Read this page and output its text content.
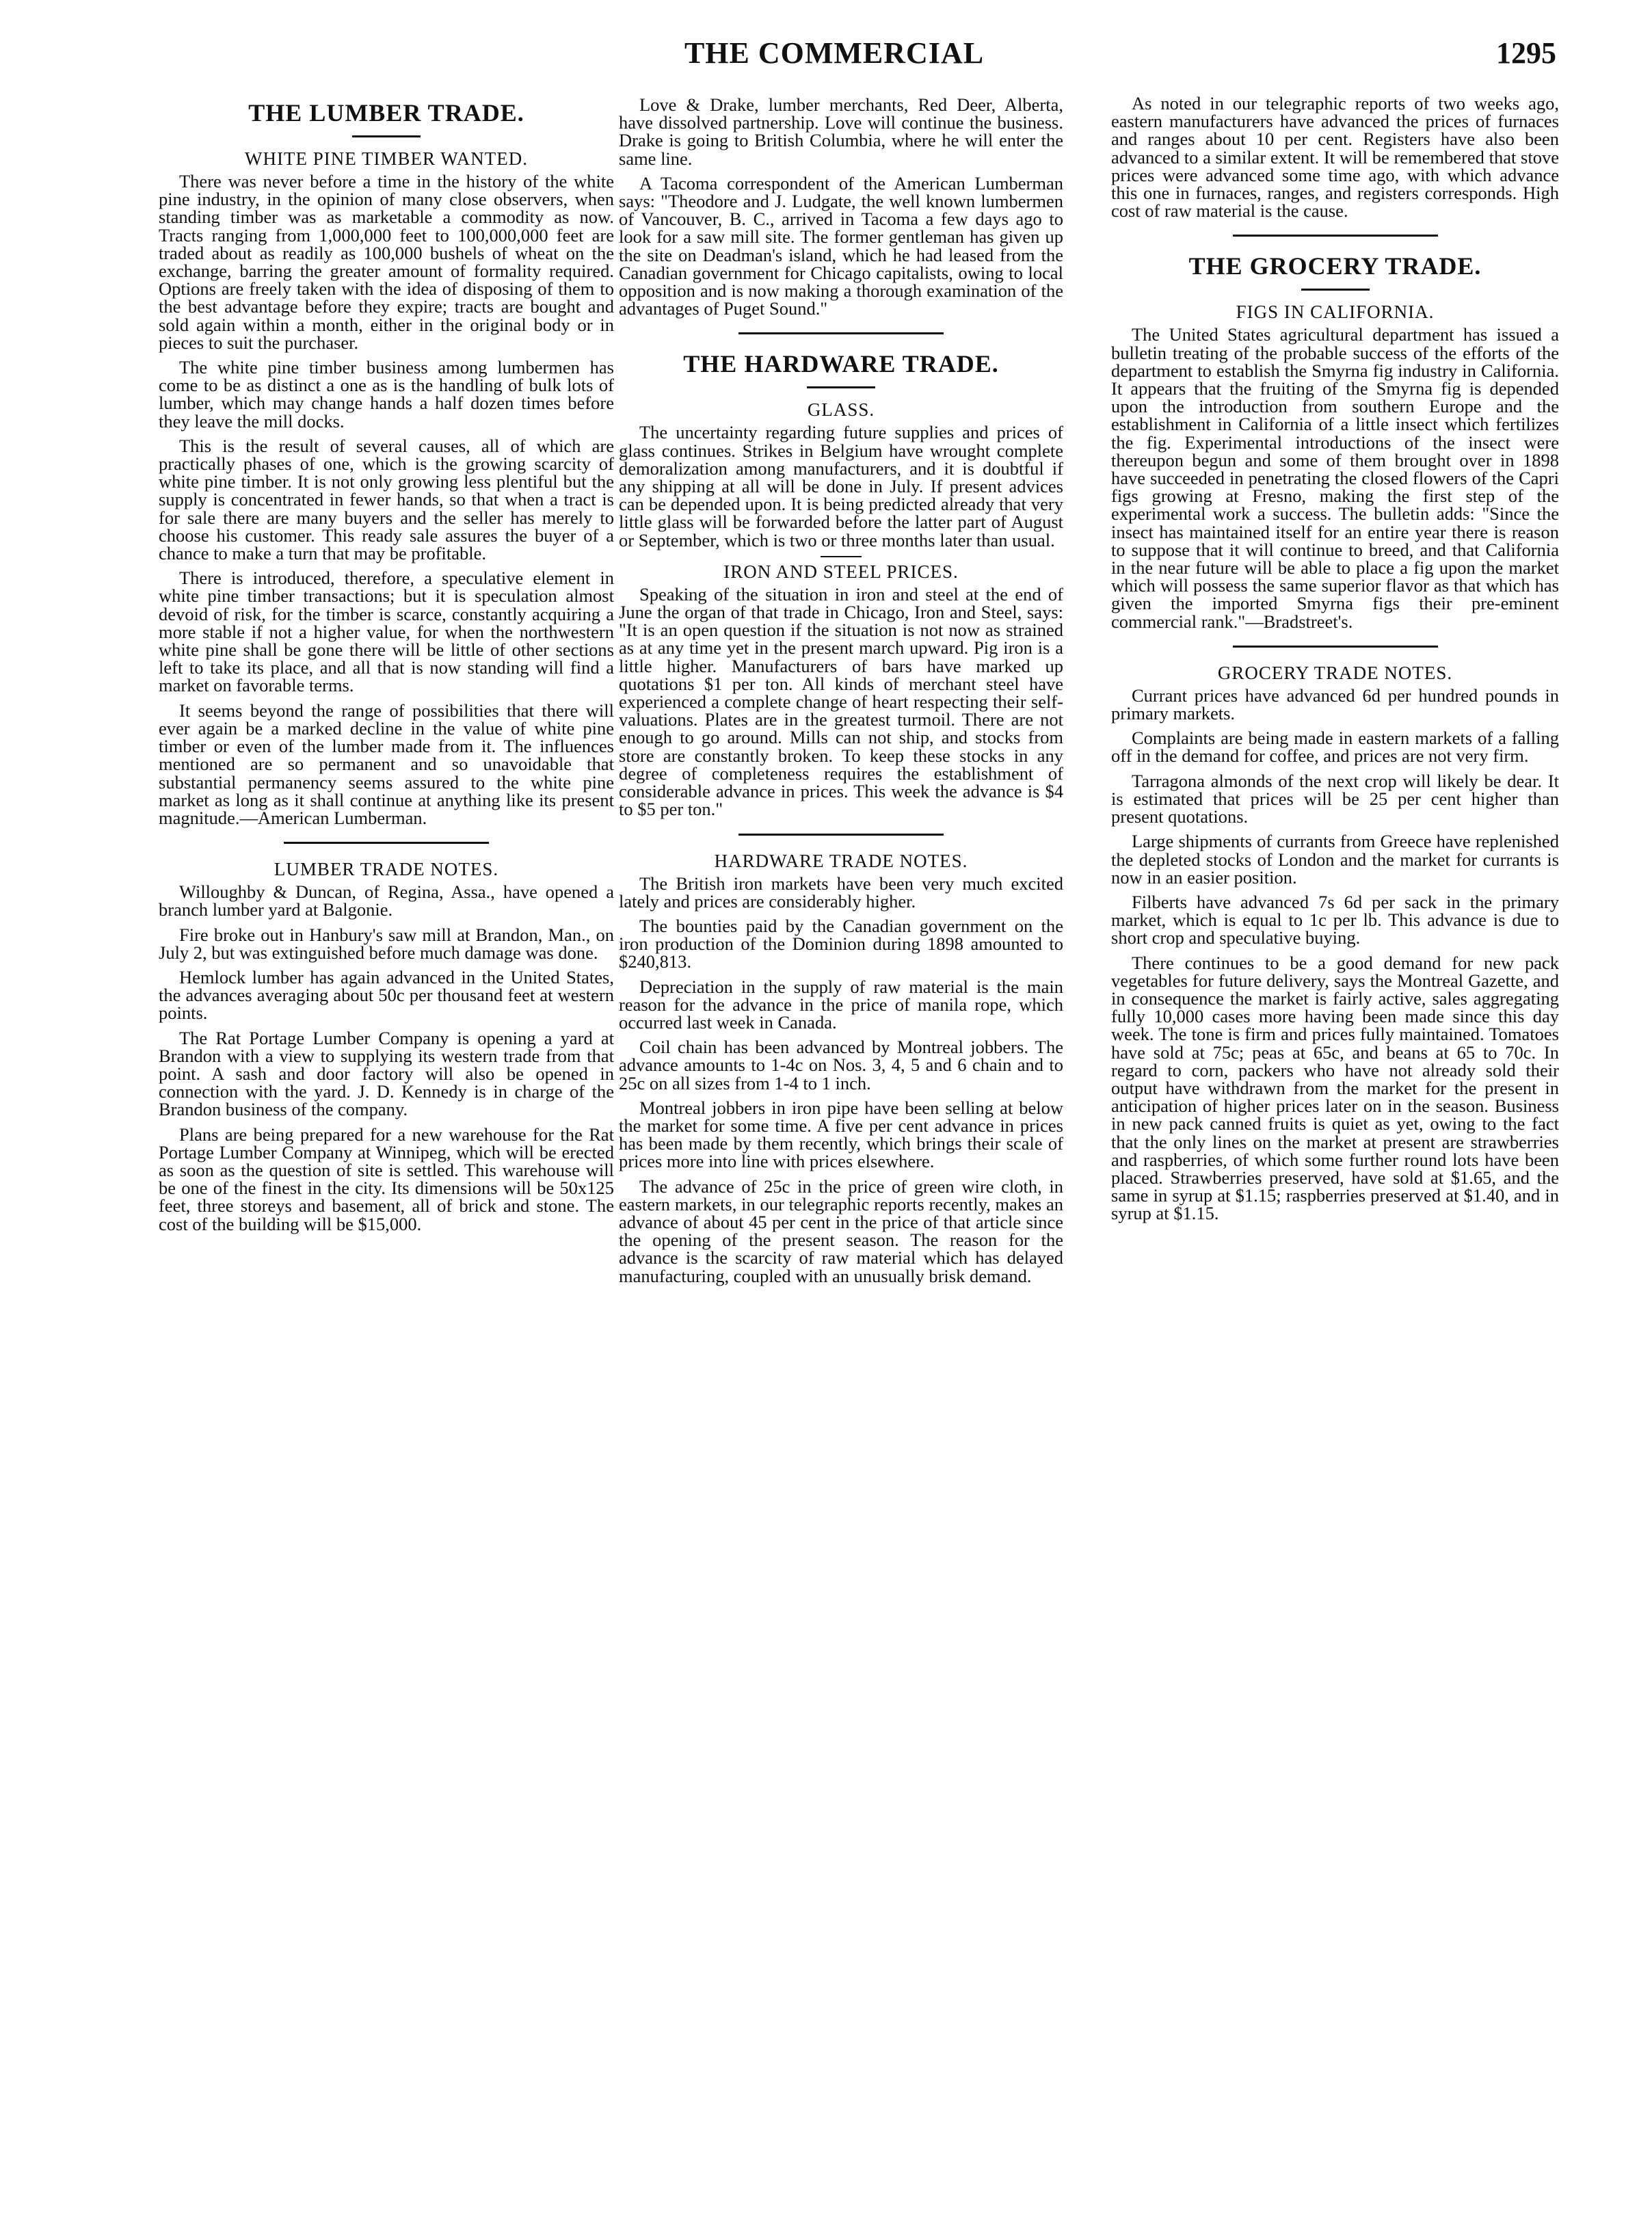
THE COMMERCIAL	1295
THE LUMBER TRADE.
WHITE PINE TIMBER WANTED.

There was never before a time in the history of the white pine industry, in the opinion of many close observers, when standing timber was as marketable a commodity as now. Tracts ranging from 1,000,000 feet to 100,000,000 feet are traded about as readily as 100,000 bushels of wheat on the exchange, barring the greater amount of formality required. Options are freely taken with the idea of disposing of them to the best advantage before they expire; tracts are bought and sold again within a month, either in the original body or in pieces to suit the purchaser.

The white pine timber business among lumbermen has come to be as distinct a one as is the handling of bulk lots of lumber, which may change hands a half dozen times before they leave the mill docks.

This is the result of several causes, all of which are practically phases of one, which is the growing scarcity of white pine timber. It is not only growing less plentiful but the supply is concentrated in fewer hands, so that when a tract is for sale there are many buyers and the seller has merely to choose his customer. This ready sale assures the buyer of a chance to make a turn that may be profitable.

There is introduced, therefore, a speculative element in white pine timber transactions; but it is speculation almost devoid of risk, for the timber is scarce, constantly acquiring a more stable if not a higher value, for when the northwestern white pine shall be gone there will be little of other sections left to take its place, and all that is now standing will find a market on favorable terms.

It seems beyond the range of possibilities that there will ever again be a marked decline in the value of white pine timber or even of the lumber made from it. The influences mentioned are so permanent and so unavoidable that substantial permanency seems assured to the white pine market as long as it shall continue at anything like its present magnitude.—American Lumberman.

LUMBER TRADE NOTES.

Willoughby & Duncan, of Regina, Assa., have opened a branch lumber yard at Balgonie.

Fire broke out in Hanbury's saw mill at Brandon, Man., on July 2, but was extinguished before much damage was done.

Hemlock lumber has again advanced in the United States, the advances averaging about 50c per thousand feet at western points.

The Rat Portage Lumber Company is opening a yard at Brandon with a view to supplying its western trade from that point. A sash and door factory will also be opened in connection with the yard. J. D. Kennedy is in charge of the Brandon business of the company.

Plans are being prepared for a new warehouse for the Rat Portage Lumber Company at Winnipeg, which will be erected as soon as the question of site is settled. This warehouse will be one of the finest in the city. Its dimensions will be 50x125 feet, three storeys and basement, all of brick and stone. The cost of the building will be $15,000.

Love & Drake, lumber merchants, Red Deer, Alberta, have dissolved partnership. Love will continue the business. Drake is going to British Columbia, where he will enter the same line.

A Tacoma correspondent of the American Lumberman says: "Theodore and J. Ludgate, the well known lumbermen of Vancouver, B. C., arrived in Tacoma a few days ago to look for a saw mill site. The former gentleman has given up the site on Deadman's island, which he had leased from the Canadian government for Chicago capitalists, owing to local opposition and is now making a thorough examination of the advantages of Puget Sound."

THE HARDWARE TRADE.
GLASS.

The uncertainty regarding future supplies and prices of glass continues. Strikes in Belgium have wrought complete demoralization among manufacturers, and it is doubtful if any shipping at all will be done in July. If present advices can be depended upon. It is being predicted already that very little glass will be forwarded before the latter part of August or September, which is two or three months later than usual.

IRON AND STEEL PRICES.

Speaking of the situation in iron and steel at the end of June the organ of that trade in Chicago, Iron and Steel, says: "It is an open question if the situation is not now as strained as at any time yet in the present march upward. Pig iron is a little higher. Manufacturers of bars have marked up quotations $1 per ton. All kinds of merchant steel have experienced a complete change of heart respecting their self-valuations. Plates are in the greatest turmoil. There are not enough to go around. Mills can not ship, and stocks from store are constantly broken. To keep these stocks in any degree of completeness requires the establishment of considerable advance in prices. This week the advance is $4 to $5 per ton."

HARDWARE TRADE NOTES.

The British iron markets have been very much excited lately and prices are considerably higher.

The bounties paid by the Canadian government on the iron production of the Dominion during 1898 amounted to $240,813.

Depreciation in the supply of raw material is the main reason for the advance in the price of manila rope, which occurred last week in Canada.

Coil chain has been advanced by Montreal jobbers. The advance amounts to 1-4c on Nos. 3, 4, 5 and 6 chain and to 25c on all sizes from 1-4 to 1 inch.

Montreal jobbers in iron pipe have been selling at below the market for some time. A five per cent advance in prices has been made by them recently, which brings their scale of prices more into line with prices elsewhere.

The advance of 25c in the price of green wire cloth, in eastern markets, in our telegraphic reports recently, makes an advance of about 45 per cent in the price of that article since the opening of the present season. The reason for the advance is the scarcity of raw material which has delayed manufacturing, coupled with an unusually brisk demand.

As noted in our telegraphic reports of two weeks ago, eastern manufacturers have advanced the prices of furnaces and ranges about 10 per cent. Registers have also been advanced to a similar extent. It will be remembered that stove prices were advanced some time ago, with which advance this one in furnaces, ranges, and registers corresponds. High cost of raw material is the cause.

THE GROCERY TRADE.
FIGS IN CALIFORNIA.

The United States agricultural department has issued a bulletin treating of the probable success of the efforts of the department to establish the Smyrna fig industry in California. It appears that the fruiting of the Smyrna fig is depended upon the introduction from southern Europe and the establishment in California of a little insect which fertilizes the fig. Experimental introductions of the insect were thereupon begun and some of them brought over in 1898 have succeeded in penetrating the closed flowers of the Capri figs growing at Fresno, making the first step of the experimental work a success. The bulletin adds: "Since the insect has maintained itself for an entire year there is reason to suppose that it will continue to breed, and that California in the near future will be able to place a fig upon the market which will possess the same superior flavor as that which has given the imported Smyrna figs their pre-eminent commercial rank."—Bradstreet's.

GROCERY TRADE NOTES.

Currant prices have advanced 6d per hundred pounds in primary markets.

Complaints are being made in eastern markets of a falling off in the demand for coffee, and prices are not very firm.

Tarragona almonds of the next crop will likely be dear. It is estimated that prices will be 25 per cent higher than present quotations.

Large shipments of currants from Greece have replenished the depleted stocks of London and the market for currants is now in an easier position.

Filberts have advanced 7s 6d per sack in the primary market, which is equal to 1c per lb. This advance is due to short crop and speculative buying.

There continues to be a good demand for new pack vegetables for future delivery, says the Montreal Gazette, and in consequence the market is fairly active, sales aggregating fully 10,000 cases more having been made since this day week. The tone is firm and prices fully maintained. Tomatoes have sold at 75c; peas at 65c, and beans at 65 to 70c. In regard to corn, packers who have not already sold their output have withdrawn from the market for the present in anticipation of higher prices later on in the season. Business in new pack canned fruits is quiet as yet, owing to the fact that the only lines on the market at present are strawberries and raspberries, of which some further round lots have been placed. Strawberries preserved, have sold at $1.65, and the same in syrup at $1.15; raspberries preserved at $1.40, and in syrup at $1.15.
